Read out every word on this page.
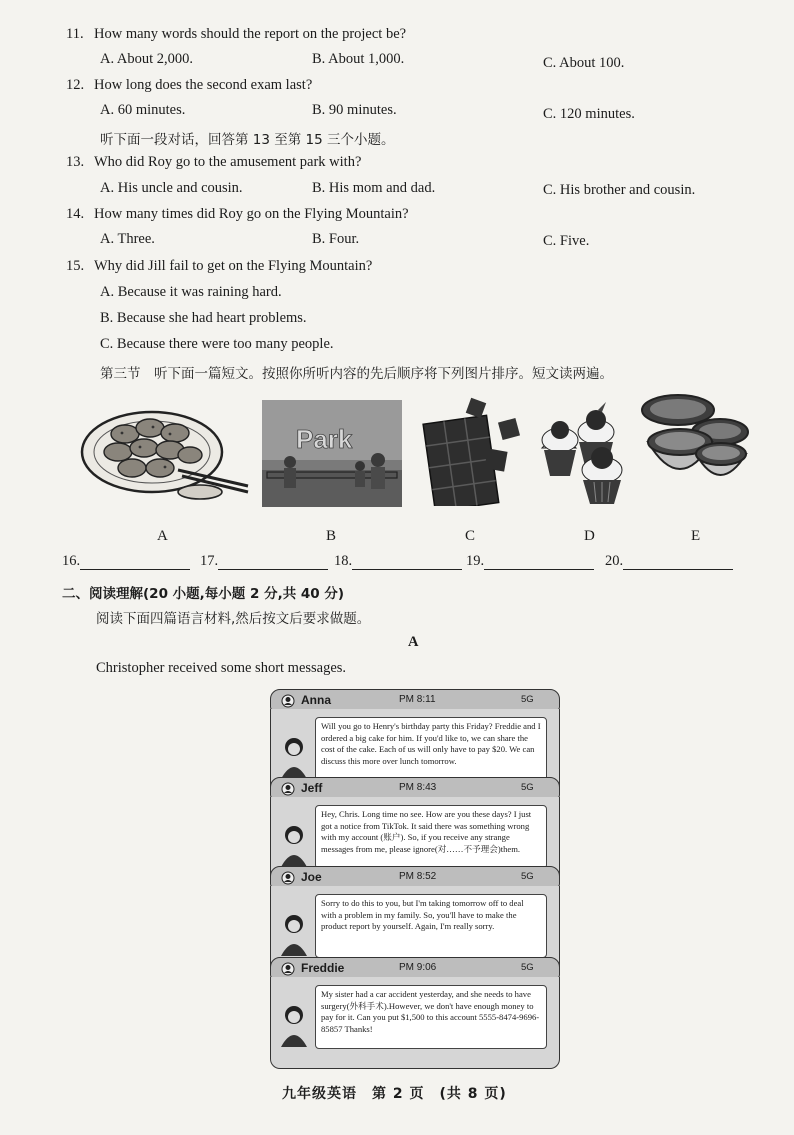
11. How many words should the report on the project be?
A. About 2,000.	B. About 1,000.	C. About 100.
12. How long does the second exam last?
A. 60 minutes.	B. 90 minutes.	C. 120 minutes.
听下面一段对话，回答第 13 至第 15 三个小题。
13. Who did Roy go to the amusement park with?
A. His uncle and cousin.	B. His mom and dad.	C. His brother and cousin.
14. How many times did Roy go on the Flying Mountain?
A. Three.	B. Four.	C. Five.
15. Why did Jill fail to get on the Flying Mountain?
A. Because it was raining hard.
B. Because she had heart problems.
C. Because there were too many people.
第三节　 听下面一篇短文。按照你所听内容的先后顺序将下列图片排序。短文读两遍。
Park
A	B	C	D	E
16.	17.	18.	19.	20.
二、阅读理解(20 小题,每小题 2 分,共 40 分)
阅读下面四篇语言材料,然后按文后要求做题。
A
Christopher received some short messages.
Anna	PM 8:11	5G
Will you go to Henry's birthday party this Friday? Freddie and I ordered a big cake for him. If you'd like to, we can share the cost of the cake. Each of us will only have to pay $20. We can discuss this more over lunch tomorrow.
Jeff	PM 8:43	5G
Hey, Chris. Long time no see. How are you these days? I just got a notice from TikTok. It said there was something wrong with my account (账户). So, if you receive any strange messages from me, please ignore(对……不予理会)them.
Joe	PM 8:52	5G
Sorry to do this to you, but I'm taking tomorrow off to deal with a problem in my family. So, you'll have to make the product report by yourself. Again, I'm really sorry.
Freddie	PM 9:06	5G
My sister had a car accident yesterday, and she needs to have surgery(外科手术).However, we don't have enough money to pay for it. Can you put $1,500 to this account 5555-8474-9696-85857 Thanks!
九年级英语　第 2 页　(共 8 页)
